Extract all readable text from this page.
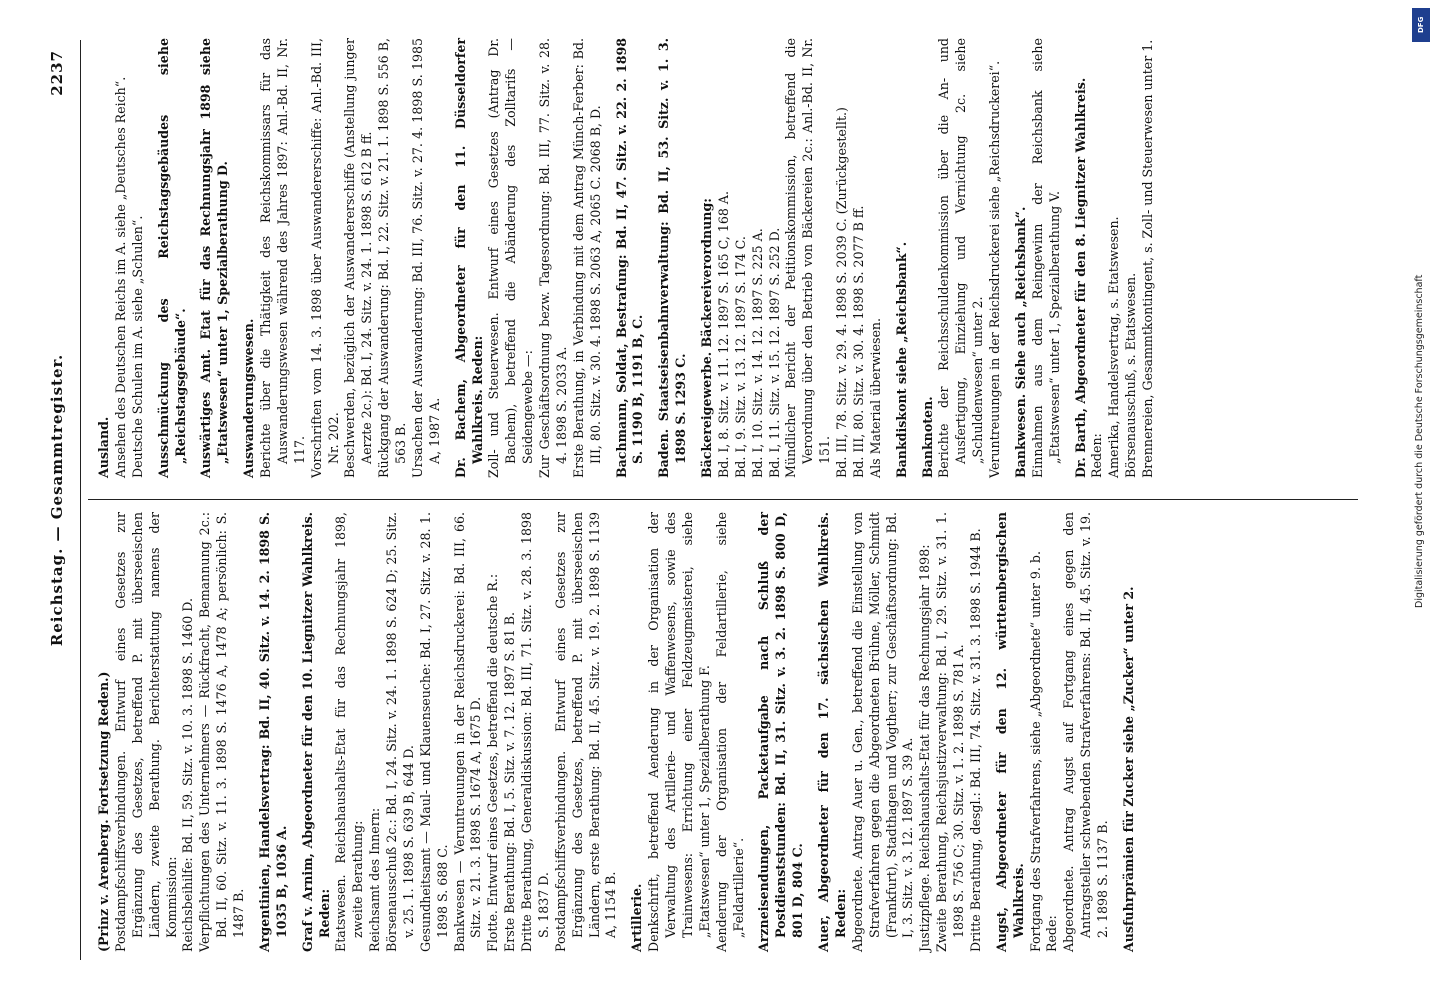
Reichstag. — Gesammtregister.
2237

(Prinz v. Arenberg. Fortsetzung Reden.) Postdampfschiffsverbindungen. Entwurf eines Gesetzes zur Ergänzung des Gesetzes, betreffend P. mit überseeischen Ländern, zweite Berathung. Berichterstattung namens der Kommission: Reichsbeihilfe: Bd. II, 59. Sitz. v. 10. 3. 1898 S. 1460 D. Verpflichtungen des Unternehmers — Rückfracht, Bemannung 2c.: Bd. II, 60. Sitz. v. 11. 3. 1898 S. 1476 A, 1478 A; persönlich: S. 1487 B. Argentinien, Handelsvertrag: Bd. II, 40. Sitz. v. 14. 2. 1898 S. 1035 B, 1036 A. Graf v. Arnim, Abgeordneter für den 10. Liegnitzer Wahlkreis. Reden: Etatswesen. Reichshaushalts-Etat für das Rechnungsjahr 1898, zweite Berathung: Reichsamt des Innern: Börsenausschuß 2c.: Bd. I, 24. Sitz. v. 24. 1. 1898 S. 624 D; 25. Sitz. v. 25. 1. 1898 S. 639 B, 644 D. Gesundheitsamt — Maul- und Klauenseuche: Bd. I, 27. Sitz. v. 28. 1. 1898 S. 688 C. Bankwesen — Veruntreuungen in der Reichsdruckerei: Bd. III, 66. Sitz. v. 21. 3. 1898 S. 1674 A, 1675 D. Flotte. Entwurf eines Gesetzes, betreffend die deutsche R.: Erste Berathung: Bd. I, 5. Sitz. v. 7. 12. 1897 S. 81 B. Dritte Berathung, Generaldiskussion: Bd. III, 71. Sitz. v. 28. 3. 1898 S. 1837 D. Postdampfschiffsverbindungen. Entwurf eines Gesetzes zur Ergänzung des Gesetzes, betreffend P. mit überseeischen Ländern, erste Berathung: Bd. II, 45. Sitz. v. 19. 2. 1898 S. 1139 A, 1154 B. Artillerie. Denkschrift, betreffend Aenderung in der Organisation der Verwaltung des Artillerie- und Waffenwesens, sowie des Trainwesens: Errichtung einer Feldzeugmeisterei, siehe „Etatswesen“ unter 1, Spezialberathung F. Aenderung der Organisation der Feldartillerie, siehe „Feldartillerie“. Arzneisendungen, Packetaufgabe nach Schluß der Postdienststunden: Bd. II, 31. Sitz. v. 3. 2. 1898 S. 800 D, 801 D, 804 C. Auer, Abgeordneter für den 17. sächsischen Wahlkreis. Reden: Abgeordnete. Antrag Auer u. Gen., betreffend die Einstellung von Strafverfahren gegen die Abgeordneten Brühne, Möller, Schmidt (Frankfurt), Stadthagen und Vogtherr; zur Geschäftsordnung: Bd. I, 3. Sitz. v. 3. 12. 1897 S. 39 A. Justizpflege. Reichshaushalts-Etat für das Rechnungsjahr 1898: Zweite Berathung, Reichsjustizverwaltung: Bd. I, 29. Sitz. v. 31. 1. 1898 S. 756 C; 30. Sitz. v. 1. 2. 1898 S. 781 A. Dritte Berathung, desgl.: Bd. III, 74. Sitz. v. 31. 3. 1898 S. 1944 B. Augst, Abgeordneter für den 12. württembergischen Wahlkreis. Fortgang des Strafverfahrens, siehe „Abgeordnete“ unter 9. b. Rede: Abgeordnete. Antrag Augst auf Fortgang eines gegen den Antragsteller schwebenden Strafverfahrens: Bd. II, 45. Sitz. v. 19. 2. 1898 S. 1137 B. Ausfuhrprämien für Zucker siehe „Zucker“ unter 2.

Ausland. Ansehen des Deutschen Reichs im A. siehe „Deutsches Reich“. Deutsche Schulen im A. siehe „Schulen“. Ausschmückung des Reichstagsgebäudes siehe „Reichstagsgebäude“. Auswärtiges Amt. Etat für das Rechnungsjahr 1898 siehe „Etatswesen“ unter 1, Spezialberathung D. Auswanderungswesen. Berichte über die Thätigkeit des Reichskommissars für das Auswanderungswesen während des Jahres 1897: Anl.-Bd. II, Nr. 117. Vorschriften vom 14. 3. 1898 über Auswandererschiffe: Anl.-Bd. III, Nr. 202. Beschwerden, bezüglich der Auswandererschiffe (Anstellung junger Aerzte 2c.): Bd. I, 24. Sitz. v. 24. 1. 1898 S. 612 B ff. Rückgang der Auswanderung: Bd. I, 22. Sitz. v. 21. 1. 1898 S. 556 B, 563 B. Ursachen der Auswanderung: Bd. III, 76. Sitz. v. 27. 4. 1898 S. 1985 A, 1987 A. Dr. Bachem, Abgeordneter für den 11. Düsseldorfer Wahlkreis. Reden: Zoll- und Steuerwesen. Entwurf eines Gesetzes (Antrag Dr. Bachem), betreffend die Abänderung des Zolltarifs — Seidengewebe —: Zur Geschäftsordnung bezw. Tagesordnung: Bd. III, 77. Sitz. v. 28. 4. 1898 S. 2033 A. Erste Berathung, in Verbindung mit dem Antrag Münch-Ferber: Bd. III, 80. Sitz. v. 30. 4. 1898 S. 2063 A, 2065 C. 2068 B, D. Bachmann, Soldat, Bestrafung: Bd. II, 47. Sitz. v. 22. 2. 1898 S. 1190 B, 1191 B, C. Baden. Staatseisenbahnverwaltung: Bd. II, 53. Sitz. v. 1. 3. 1898 S. 1293 C. Bäckereigewerbe. Bäckereiverordnung: Bd. I, 8. Sitz. v. 11. 12. 1897 S. 165 C, 168 A. Bd. I, 9. Sitz. v. 13. 12. 1897 S. 174 C. Bd. I, 10. Sitz. v. 14. 12. 1897 S. 225 A. Bd. I, 11. Sitz. v. 15. 12. 1897 S. 252 D. Mündlicher Bericht der Petitionskommission, betreffend die Verordnung über den Betrieb von Bäckereien 2c.: Anl.-Bd. II, Nr. 151. Bd. III, 78. Sitz. v. 29. 4. 1898 S. 2039 C. (Zurückgestellt.) Bd. III, 80. Sitz. v. 30. 4. 1898 S. 2077 B ff. Als Material überwiesen. Bankdiskont siehe „Reichsbank“. Banknoten. Berichte der Reichsschuldenkommission über die An- und Ausfertigung, Einziehung und Vernichtung 2c. siehe „Schuldenwesen“ unter 2. Veruntreuungen in der Reichsdruckerei siehe „Reichsdruckerei“. Bankwesen. Siehe auch „Reichsbank“. Einnahmen aus dem Reingewinn der Reichsbank siehe „Etatswesen“ unter 1, Spezialberathung V. Dr. Barth, Abgeordneter für den 8. Liegnitzer Wahlkreis. Reden: Amerika, Handelsvertrag, s. Etatswesen. Börsenausschuß, s. Etatswesen. Brennereien, Gesammtkontingent, s. Zoll- und Steuerwesen unter 1.

DFG
Digitalisierung gefördert durch die Deutsche Forschungsgemeinschaft
